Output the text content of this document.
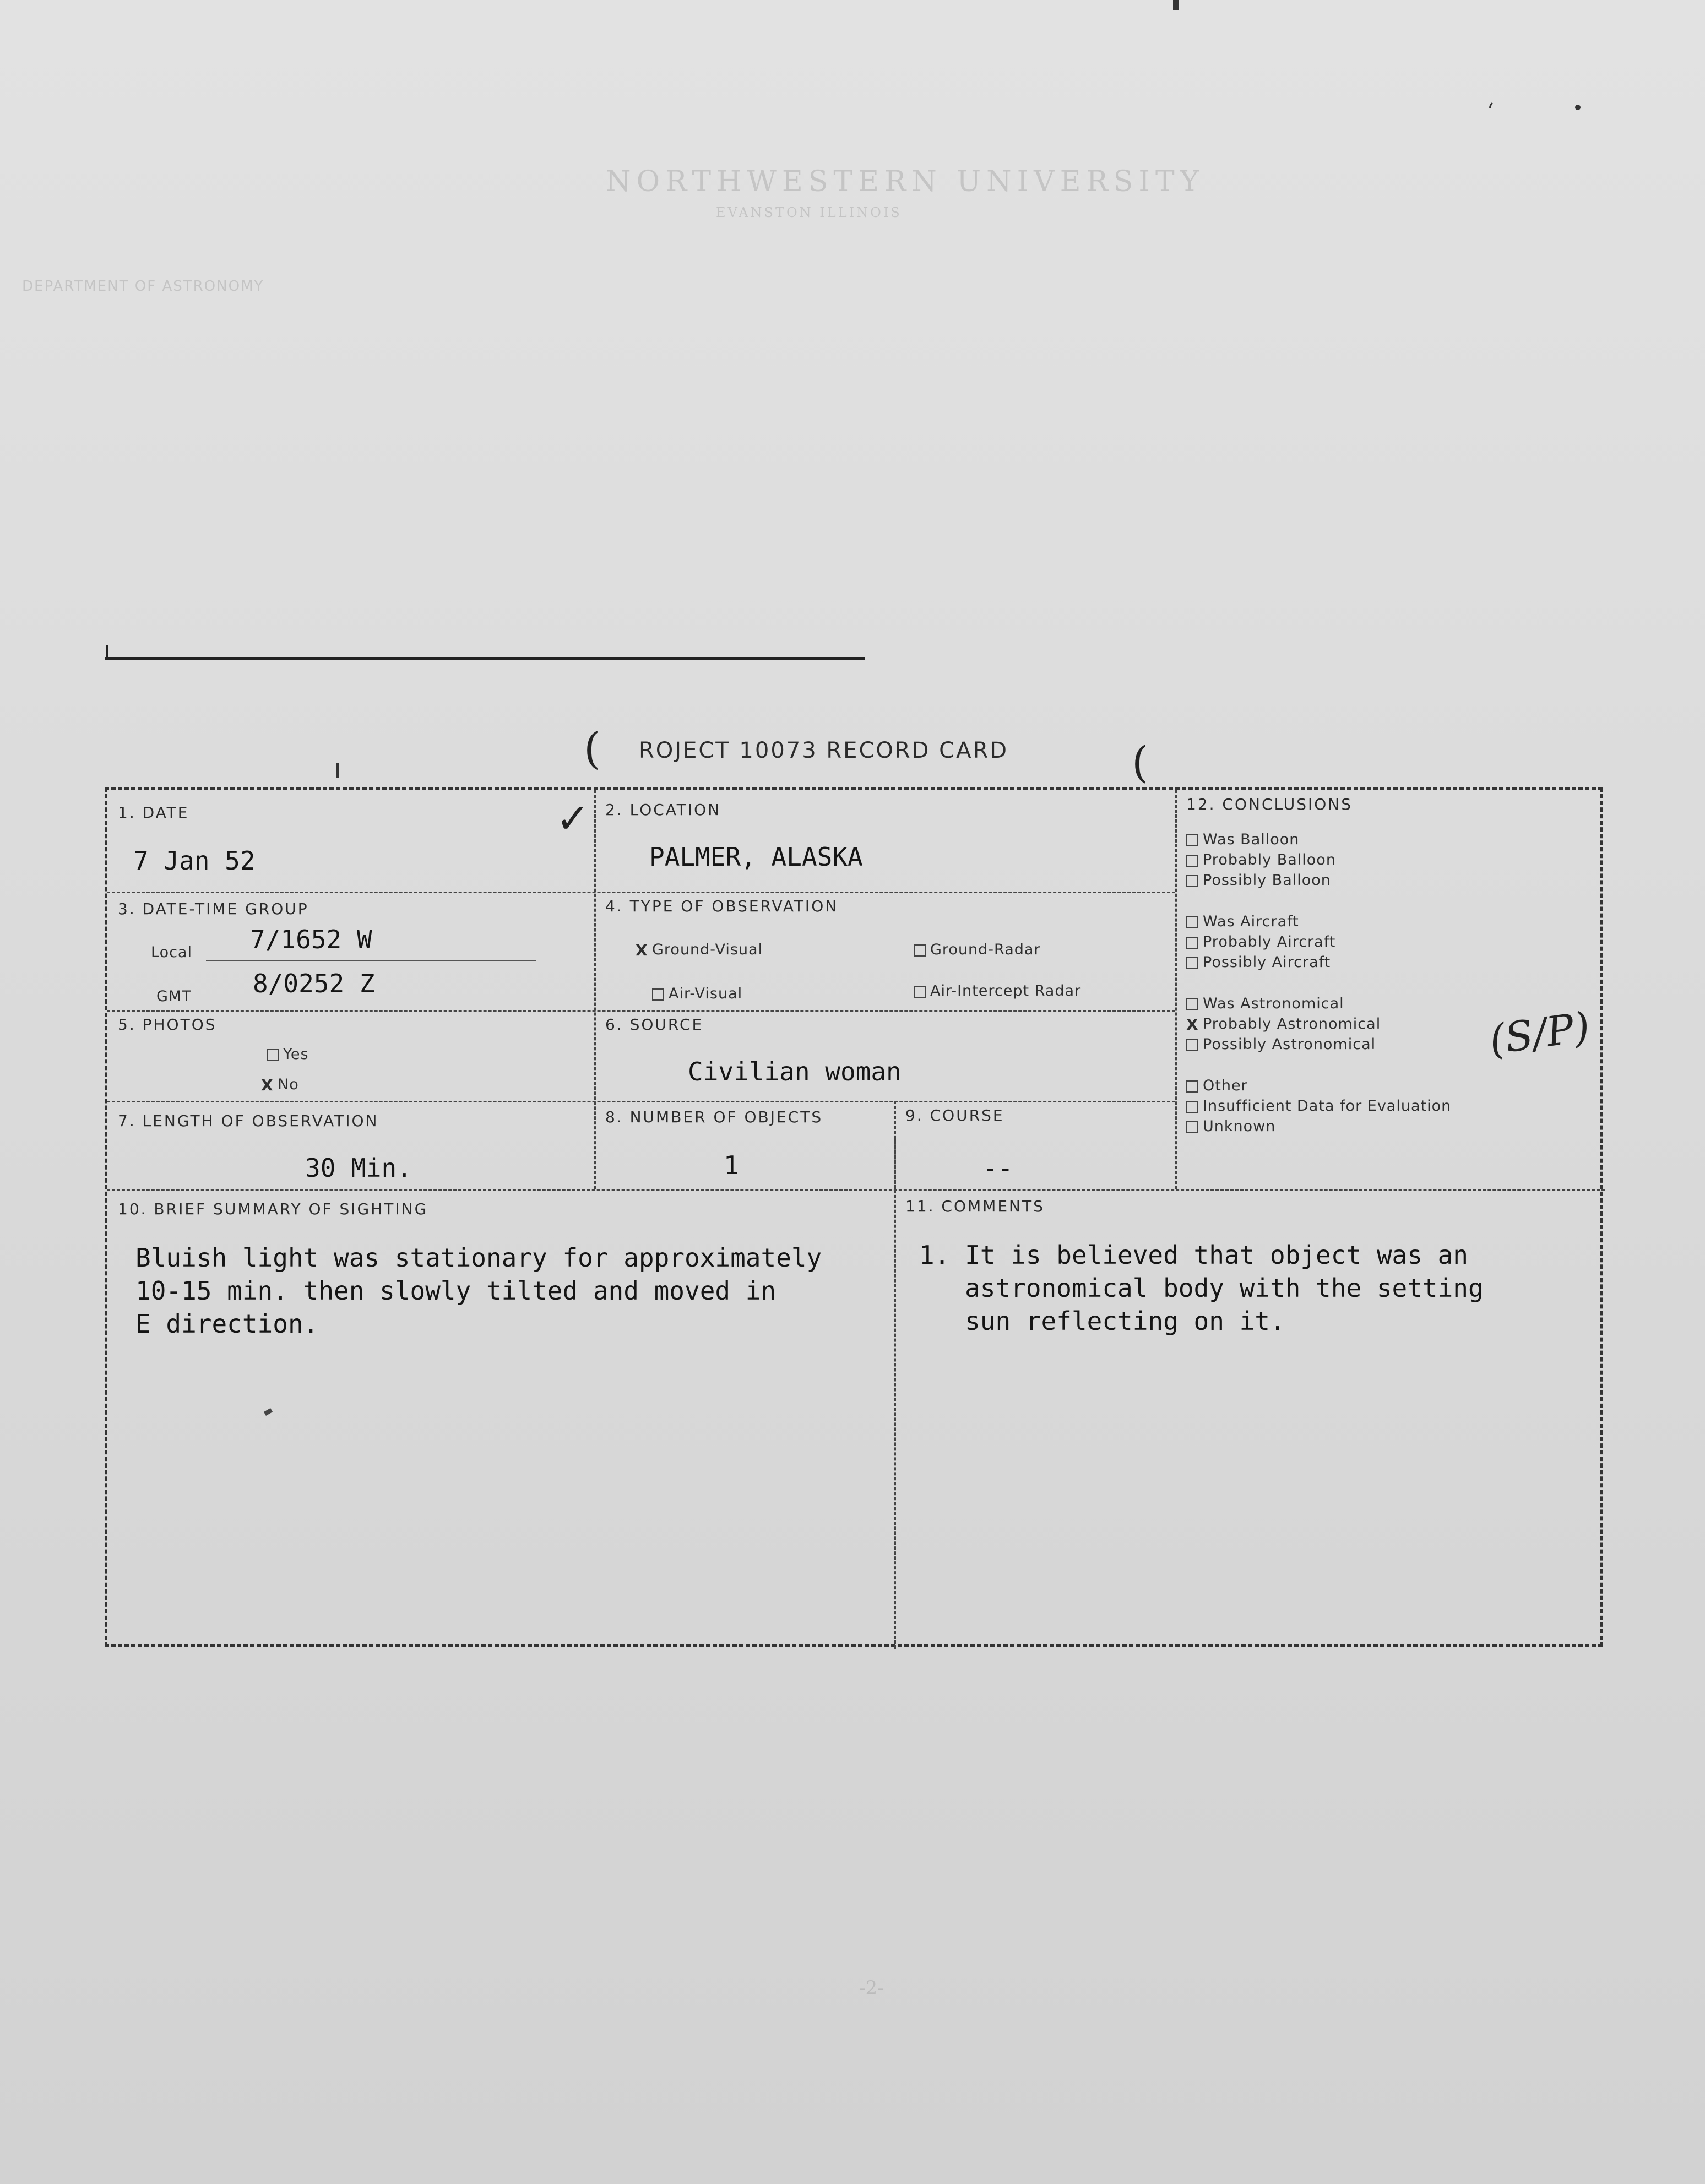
NORTHWESTERN UNIVERSITY
EVANSTON ILLINOIS
DEPARTMENT OF ASTRONOMY
-2-
( ROJECT 10073 RECORD CARD	(
1. DATE
7 Jan 52
✓ 2. LOCATION
PALMER, ALASKA
3. DATE-TIME GROUP
Local 7/1652 W
GMT 8/0252 Z
4. TYPE OF OBSERVATION
X Ground-Visual	Ground-Radar
Air-Visual	Air-Intercept Radar
5. PHOTOS
Yes
X No
6. SOURCE
Civilian woman
7. LENGTH OF OBSERVATION
30 Min.
8. NUMBER OF OBJECTS
1
9. COURSE
--
10. BRIEF SUMMARY OF SIGHTING
Bluish light was stationary for approximately
10-15 min. then slowly tilted and moved in
E direction.
11. COMMENTS
1. It is believed that object was an
astronomical body with the setting
sun reflecting on it.
12. CONCLUSIONS
Was Balloon
Probably Balloon
Possibly Balloon
Was Aircraft
Probably Aircraft
Possibly Aircraft
Was Astronomical
X Probably Astronomical
Possibly Astronomical
Other
Insufficient Data for Evaluation
Unknown
(S/P)
‘
